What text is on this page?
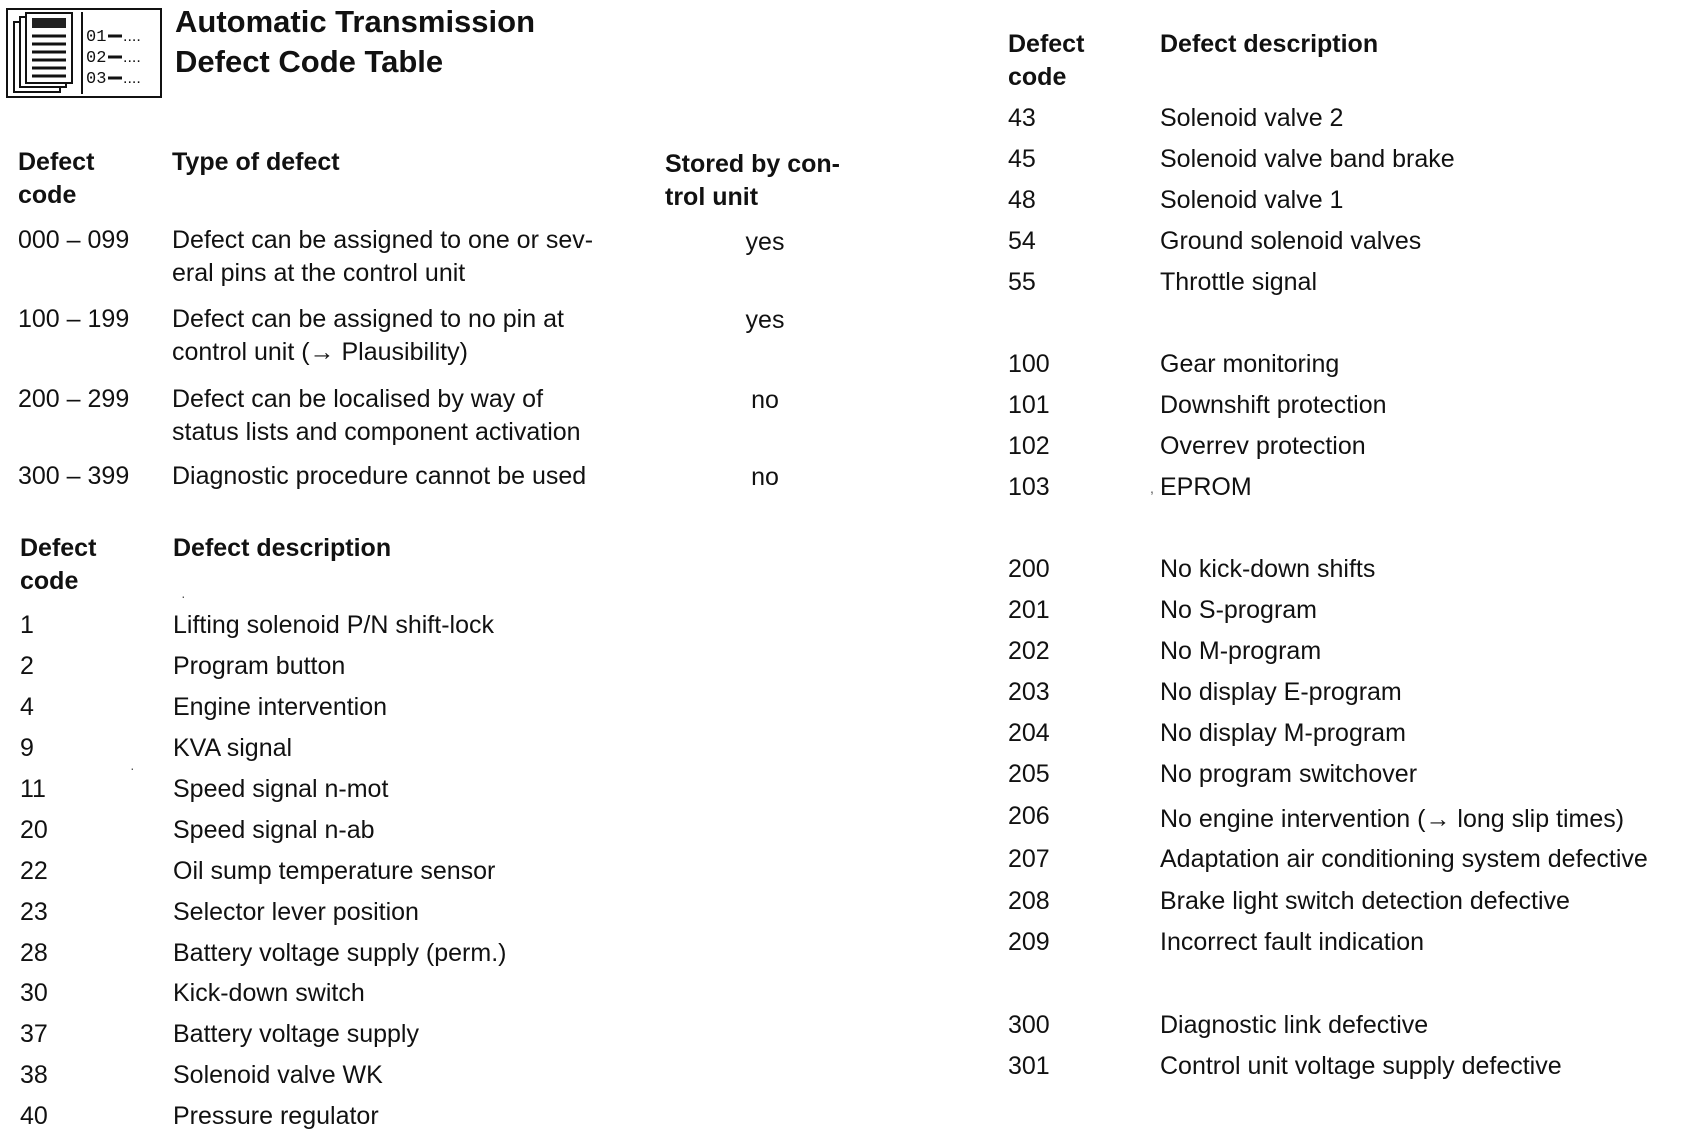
01
02
03
....
....
....
Automatic Transmission
Defect Code Table
Defect
code
Type of defect	Stored by con-
trol unit
000 – 099	Defect can be assigned to one or sev-
eral pins at the control unit
yes
100 – 199	Defect can be assigned to no pin at
control unit (→ Plausibility)
yes
200 – 299	Defect can be localised by way of
status lists and component activation
no
300 – 399	Diagnostic procedure cannot be used	no
Defect
code
Defect description
·
1	Lifting solenoid P/N shift-lock
2	Program button
4	Engine intervention
9	KVA signal
·
11	Speed signal n-mot
20	Speed signal n-ab
22	Oil sump temperature sensor
23	Selector lever position
28	Battery voltage supply (perm.)
30	Kick-down switch
37	Battery voltage supply
38	Solenoid valve WK
40	Pressure regulator
Defect
code
Defect description
43	Solenoid valve 2
45	Solenoid valve band brake
48	Solenoid valve 1
54	Ground solenoid valves
55	Throttle signal
100	Gear monitoring
101	Downshift protection
102	Overrev protection
103	, EPROM
200	No kick-down shifts
201	No S-program
202	No M-program
203	No display E-program
204	No display M-program
205	No program switchover
206	No engine intervention (→ long slip times)
207	Adaptation air conditioning system defective
208	Brake light switch detection defective
209	Incorrect fault indication
300	Diagnostic link defective
301	Control unit voltage supply defective
